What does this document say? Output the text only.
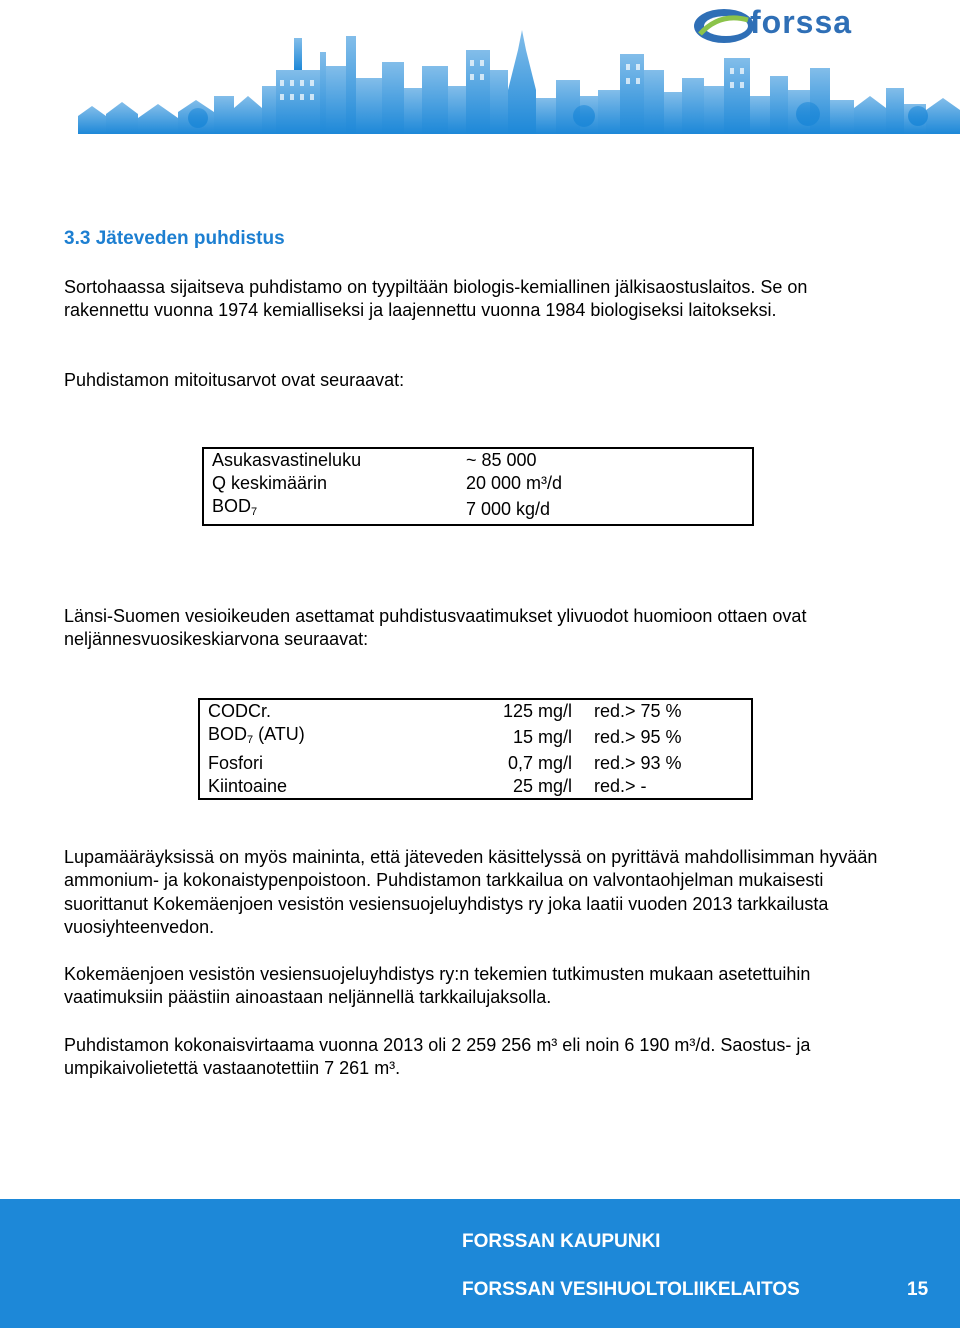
forssa
3.3 Jäteveden puhdistus
Sortohaassa sijaitseva puhdistamo on tyypiltään biologis-kemiallinen jälkisaostuslaitos. Se on rakennettu vuonna 1974 kemialliseksi ja laajennettu vuonna 1984 biologiseksi laitokseksi.
Puhdistamon mitoitusarvot ovat seuraavat:
Asukasvastineluku	~ 85 000
Q keskimäärin	20 000 m³/d
$BOD_7$	7 000 kg/d
Länsi-Suomen vesioikeuden asettamat puhdistusvaatimukset ylivuodot huomioon ottaen ovat neljännesvuosikeskiarvona seuraavat:
CODCr.	125 mg/l	red.> 75 %
$BOD_7$ (ATU)	15 mg/l	red.> 95 %
Fosfori	0,7 mg/l	red.> 93 %
Kiintoaine	25 mg/l	red.> -
Lupamääräyksissä on myös maininta, että jäteveden käsittelyssä on pyrittävä mahdollisimman hyvään ammonium- ja kokonaistypenpoistoon. Puhdistamon tarkkailua on valvontaohjelman mukaisesti suorittanut Kokemäenjoen vesistön vesiensuojeluyhdistys ry joka laatii vuoden 2013 tarkkailusta vuosiyhteenvedon.
Kokemäenjoen vesistön vesiensuojeluyhdistys ry:n tekemien tutkimusten mukaan asetettuihin vaatimuksiin päästiin ainoastaan neljännellä tarkkailujaksolla.
Puhdistamon kokonaisvirtaama vuonna 2013 oli 2 259 256 m³ eli noin 6 190 m³/d. Saostus- ja umpikaivolietettä vastaanotettiin 7 261 m³.
FORSSAN KAUPUNKI
FORSSAN VESIHUOLTOLIIKELAITOS	15
